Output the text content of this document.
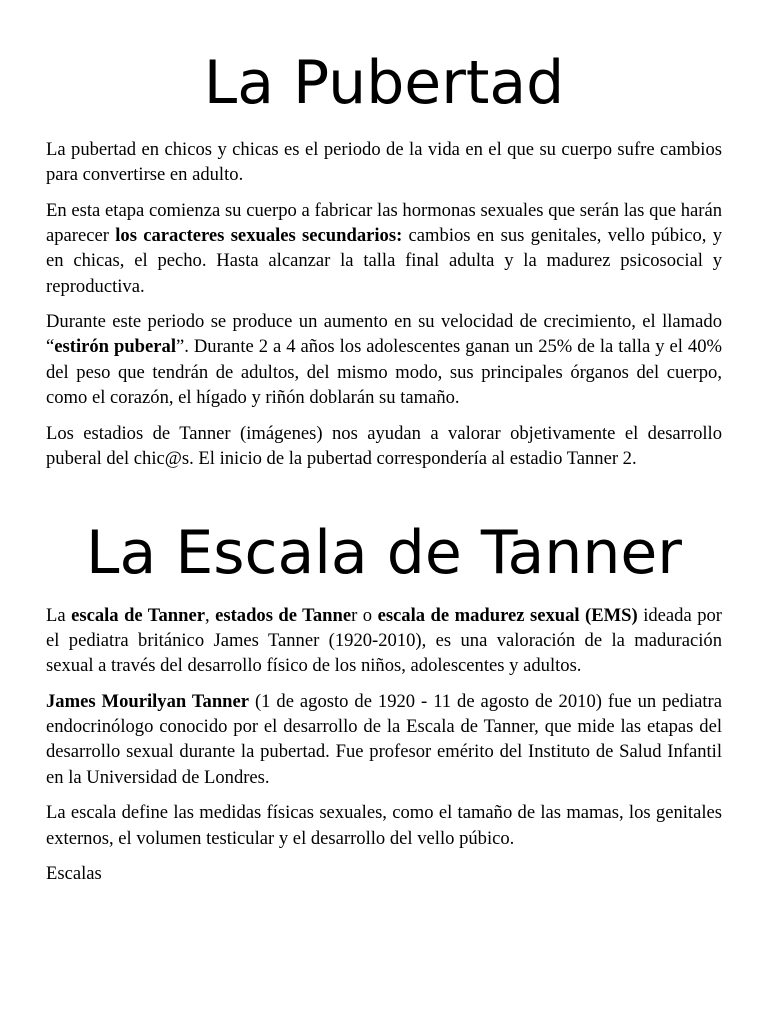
La Pubertad

La pubertad en chicos y chicas es el periodo de la vida en el que su cuerpo sufre cambios para convertirse en adulto.

En esta etapa comienza su cuerpo a fabricar las hormonas sexuales que serán las que harán aparecer los caracteres sexuales secundarios: cambios en sus genitales, vello púbico, y en chicas, el pecho. Hasta alcanzar la talla final adulta y la madurez psicosocial y reproductiva.

Durante este periodo se produce un aumento en su velocidad de crecimiento, el llamado “estirón puberal”. Durante 2 a 4 años los adolescentes ganan un 25% de la talla y el 40% del peso que tendrán de adultos, del mismo modo, sus principales órganos del cuerpo, como el corazón, el hígado y riñón doblarán su tamaño.

Los estadios de Tanner (imágenes) nos ayudan a valorar objetivamente el desarrollo puberal del chic@s. El inicio de la pubertad correspondería al estadio Tanner 2.

La Escala de Tanner

La escala de Tanner, estados de Tanner o escala de madurez sexual (EMS) ideada por el pediatra británico James Tanner (1920-2010), es una valoración de la maduración sexual a través del desarrollo físico de los niños, adolescentes y adultos.

James Mourilyan Tanner (1 de agosto de 1920 - 11 de agosto de 2010) fue un pediatra endocrinólogo conocido por el desarrollo de la Escala de Tanner, que mide las etapas del desarrollo sexual durante la pubertad. Fue profesor emérito del Instituto de Salud Infantil en la Universidad de Londres.

La escala define las medidas físicas sexuales, como el tamaño de las mamas, los genitales externos, el volumen testicular y el desarrollo del vello púbico.

Escalas
